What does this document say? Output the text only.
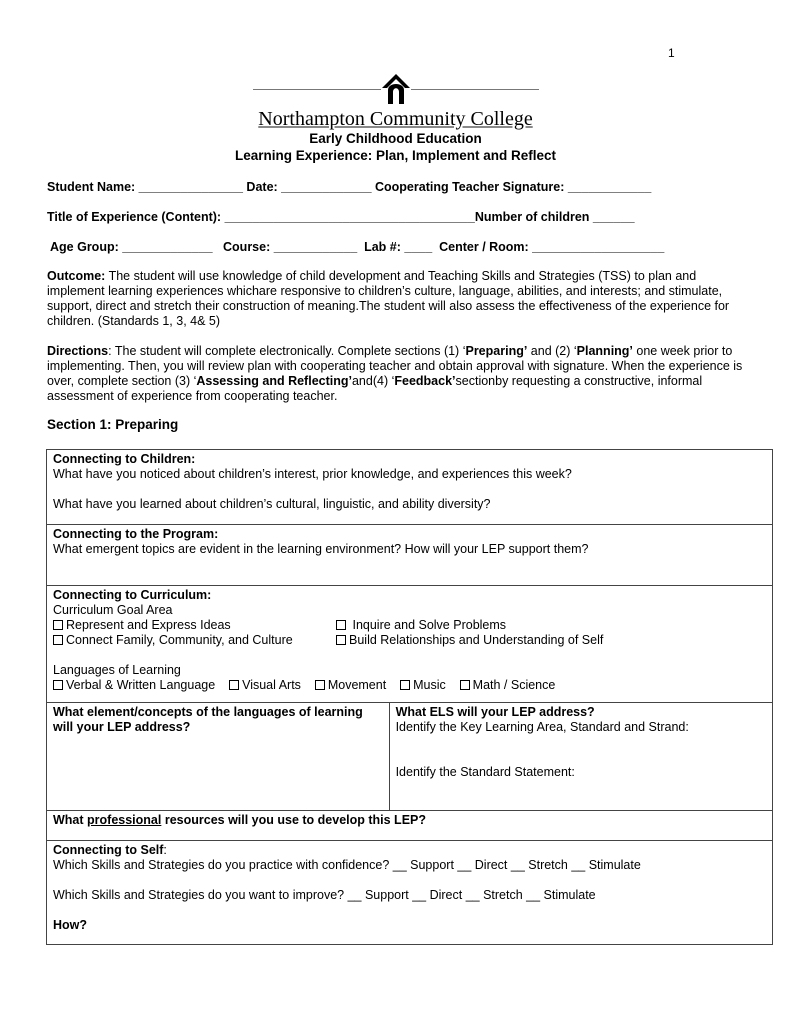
1
Northampton Community College
Early Childhood Education
Learning Experience: Plan, Implement and Reflect
Student Name: _______________ Date: _____________ Cooperating Teacher Signature: ____________
Title of Experience (Content): ____________________________________Number of children ______
Age Group: _____________   Course: ____________  Lab #: ____  Center / Room: ___________________
Outcome: The student will use knowledge of child development and Teaching Skills and Strategies (TSS) to plan and implement learning experiences whichare responsive to children’s culture, language, abilities, and interests; and stimulate, support, direct and stretch their construction of meaning.The student will also assess the effectiveness of the experience for children. (Standards 1, 3, 4& 5)
Directions: The student will complete electronically. Complete sections (1) ‘Preparing’ and (2) ‘Planning’ one week prior to implementing. Then, you will review plan with cooperating teacher and obtain approval with signature. When the experience is over, complete section (3) ‘Assessing and Reflecting’and(4) ‘Feedback’sectionby requesting a constructive, informal assessment of experience from cooperating teacher.
Section 1: Preparing
Connecting to Children:
What have you noticed about children’s interest, prior knowledge, and experiences this week?
What have you learned about children’s cultural, linguistic, and ability diversity?

Connecting to the Program:
What emergent topics are evident in the learning environment? How will your LEP support them?

Connecting to Curriculum:
Curriculum Goal Area
Represent and Express Ideas	Inquire and Solve Problems
Connect Family, Community, and Culture	Build Relationships and Understanding of Self
Languages of Learning
Verbal & Written Language Visual Arts Movement Music Math / Science

What element/concepts of the languages of learning will your LEP address?

What ELS will your LEP address?
Identify the Key Learning Area, Standard and Strand:
Identify the Standard Statement:

What professional resources will you use to develop this LEP?

Connecting to Self:
Which Skills and Strategies do you practice with confidence? __ Support __ Direct __ Stretch __ Stimulate
Which Skills and Strategies do you want to improve? __ Support __ Direct __ Stretch __ Stimulate
How?
